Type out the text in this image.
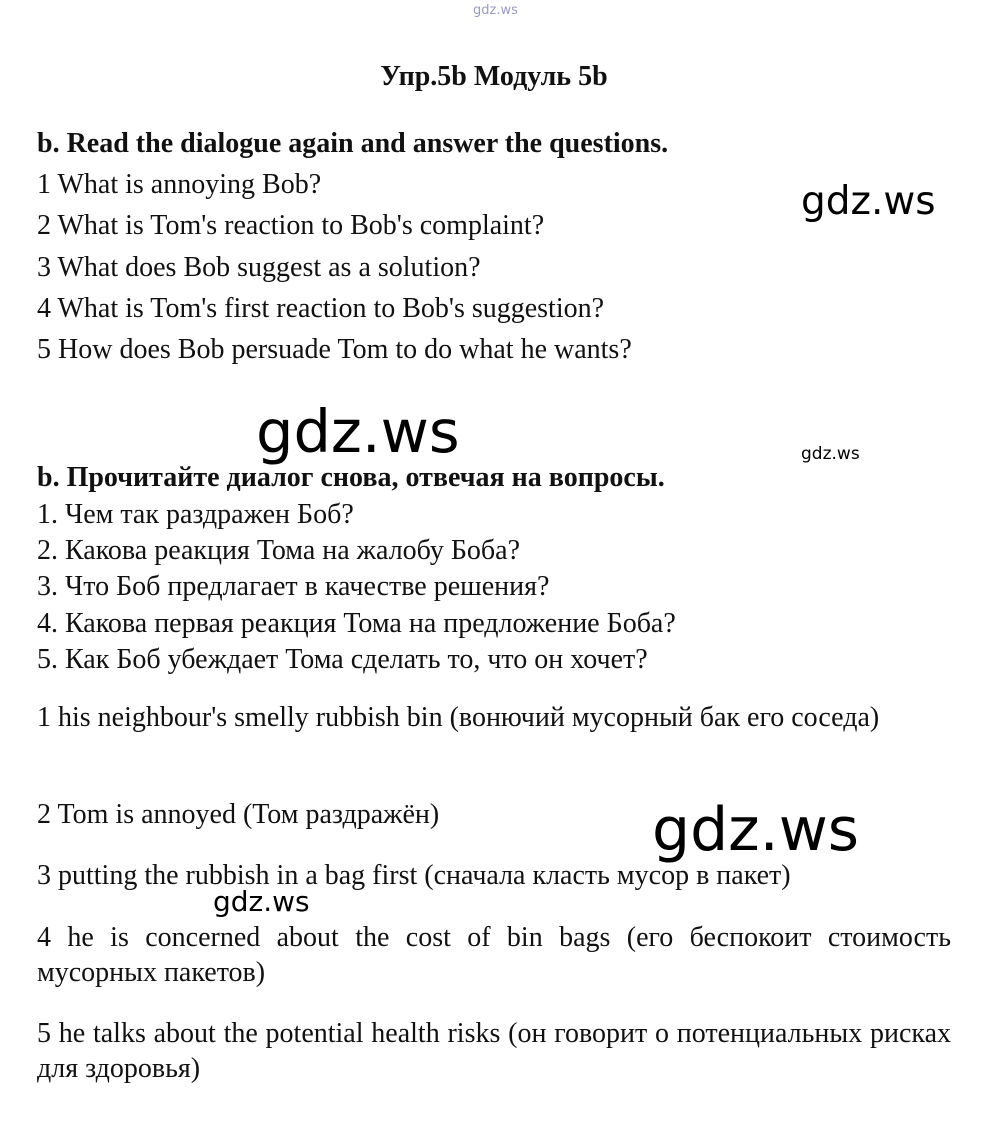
gdz.ws
Упр.5b Модуль 5b
b. Read the dialogue again and answer the questions.
1 What is annoying Bob?
2 What is Tom's reaction to Bob's complaint?
3 What does Bob suggest as a solution?
4 What is Tom's first reaction to Bob's suggestion?
5 How does Bob persuade Tom to do what he wants?
b. Прочитайте диалог снова, отвечая на вопросы.
1. Чем так раздражен Боб?
2. Какова реакция Тома на жалобу Боба?
3. Что Боб предлагает в качестве решения?
4. Какова первая реакция Тома на предложение Боба?
5. Как Боб убеждает Тома сделать то, что он хочет?

1 his neighbour's smelly rubbish bin (вонючий мусорный бак его соседа)

2 Tom is annoyed (Том раздражён)

3 putting the rubbish in a bag first (сначала класть мусор в пакет)

4 he is concerned about the cost of bin bags (его беспокоит стоимость мусорных пакетов)

5 he talks about the potential health risks (он говорит о потенциальных рисках для здоровья)

gdz.ws
gdz.ws	gdz.ws
gdz.ws
gdz.ws
